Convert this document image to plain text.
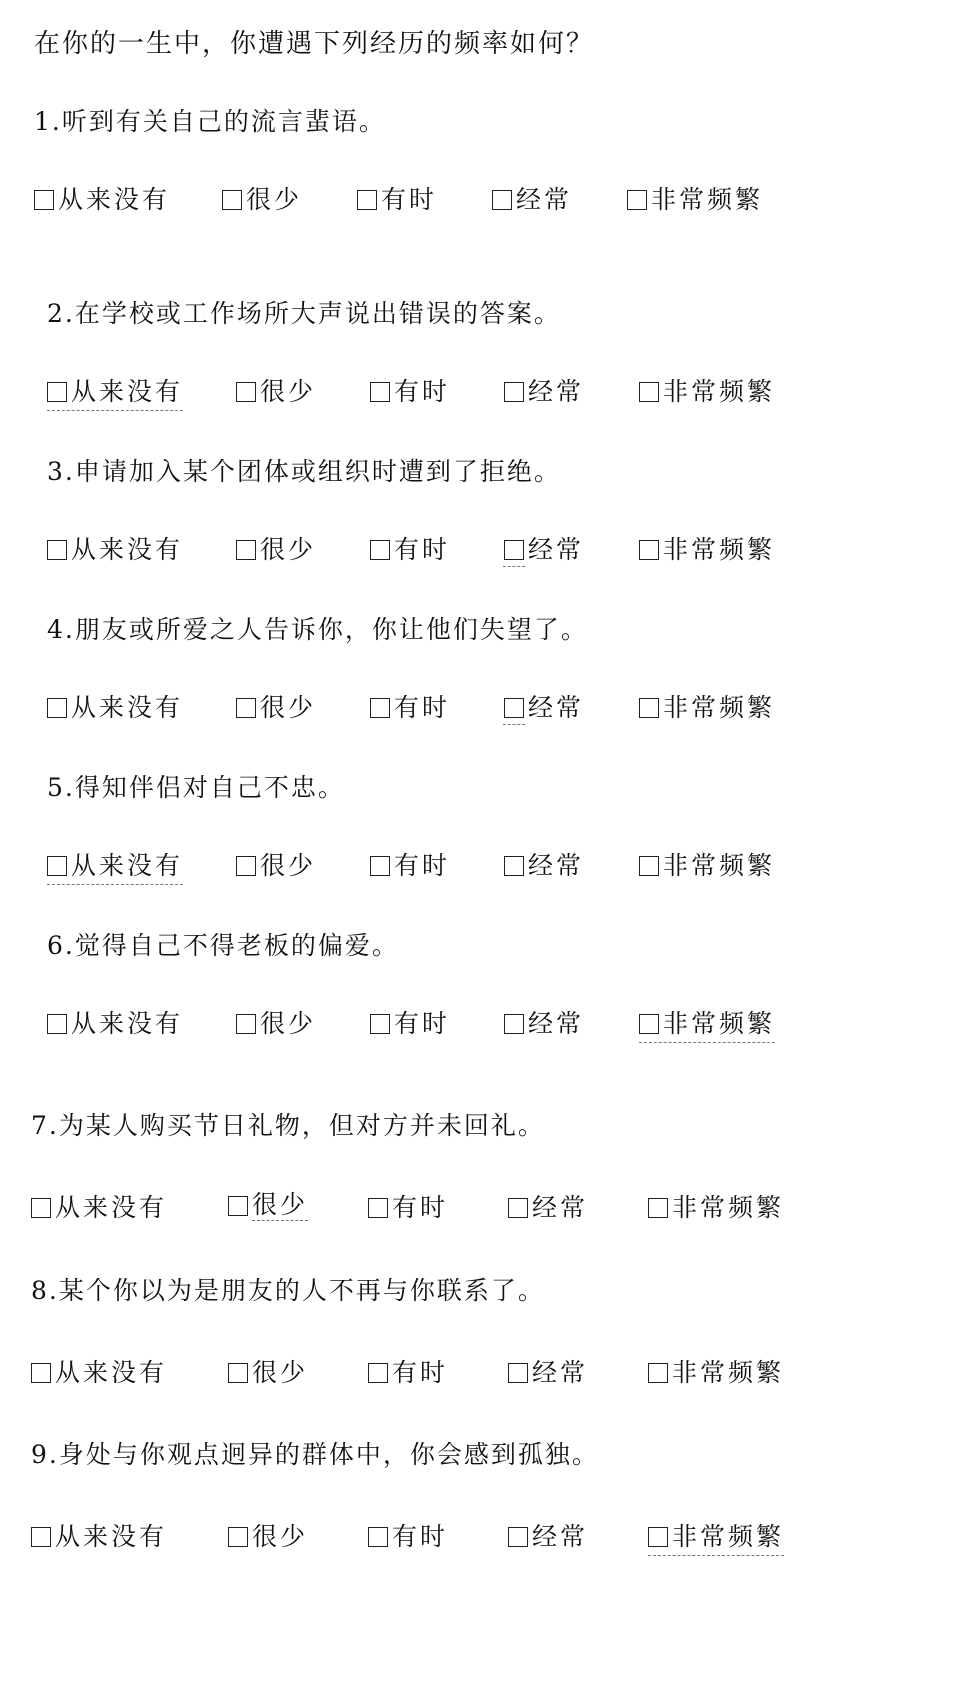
在你的一生中，你遭遇下列经历的频率如何？
1.听到有关自己的流言蜚语。
从来没有	很少	有时	经常	非常频繁
2.在学校或工作场所大声说出错误的答案。
从来没有	很少	有时	经常	非常频繁
3.申请加入某个团体或组织时遭到了拒绝。
从来没有	很少	有时	经常	非常频繁
4.朋友或所爱之人告诉你，你让他们失望了。
从来没有	很少	有时	经常	非常频繁
5.得知伴侣对自己不忠。
从来没有	很少	有时	经常	非常频繁
6.觉得自己不得老板的偏爱。
从来没有	很少	有时	经常	非常频繁
7.为某人购买节日礼物，但对方并未回礼。
从来没有	很少	有时	经常	非常频繁
8.某个你以为是朋友的人不再与你联系了。
从来没有	很少	有时	经常	非常频繁
9.身处与你观点迥异的群体中，你会感到孤独。
从来没有	很少	有时	经常	非常频繁
